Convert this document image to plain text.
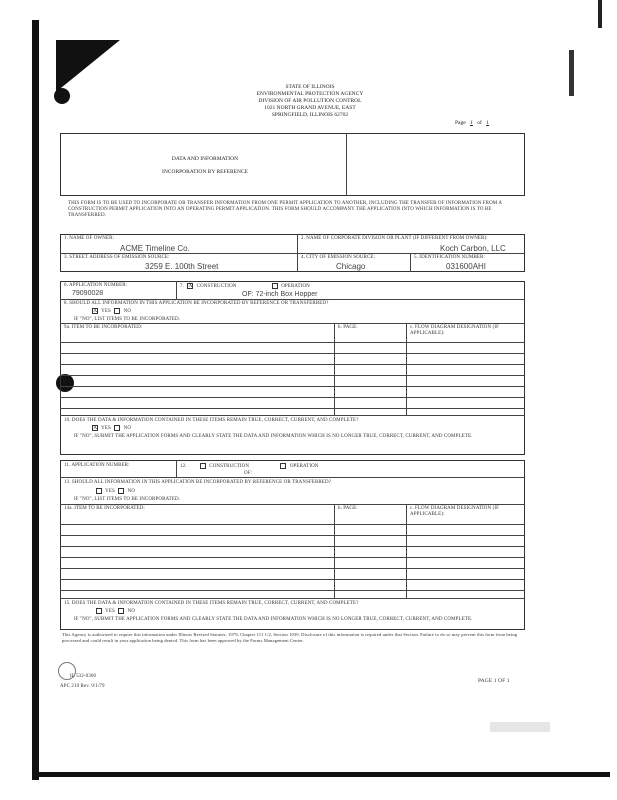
STATE OF ILLINOIS
ENVIRONMENTAL PROTECTION AGENCY
DIVISION OF AIR POLLUTION CONTROL
1021 NORTH GRAND AVENUE, EAST
SPRINGFIELD, ILLINOIS 62702
Page 1 of 1
DATA AND INFORMATION
INCORPORATION BY REFERENCE
THIS FORM IS TO BE USED TO INCORPORATE OR TRANSFER INFORMATION FROM ONE PERMIT APPLICATION TO ANOTHER, INCLUDING THE TRANSFER OF INFORMATION FROM A CONSTRUCTION PERMIT APPLICATION INTO AN OPERATING PERMIT APPLICATION. THIS FORM SHOULD ACCOMPANY THE APPLICATION INTO WHICH INFORMATION IS TO BE TRANSFERRED.
1. NAME OF OWNER:
ACME Timeline Co.
2. NAME OF CORPORATE DIVISION OR PLANT (IF DIFFERENT FROM OWNER):
Koch Carbon, LLC
3. STREET ADDRESS OF EMISSION SOURCE:
3259 E. 100th Street
4. CITY OF EMISSION SOURCE:
Chicago
5. IDENTIFICATION NUMBER:
031600AHI
6. APPLICATION NUMBER:
79090028
7. X CONSTRUCTION	OPERATION
OF: 72-inch Box Hopper
8. SHOULD ALL INFORMATION IN THIS APPLICATION BE INCORPORATED BY REFERENCE OR TRANSFERRED?
X YES	NO
IF "NO", LIST ITEMS TO BE INCORPORATED.
9a. ITEM TO BE INCORPORATED:	b. PAGE:	c. FLOW DIAGRAM DESIGNATION (IF APPLICABLE):
10. DOES THE DATA & INFORMATION CONTAINED IN THESE ITEMS REMAIN TRUE, CORRECT, CURRENT, AND COMPLETE?
X YES	NO
IF "NO", SUBMIT THE APPLICATION FORMS AND CLEARLY STATE THE DATA AND INFORMATION WHICH IS NO LONGER TRUE, CORRECT, CURRENT, AND COMPLETE.
11. APPLICATION NUMBER:	12.	CONSTRUCTION	OPERATION
OF:
13. SHOULD ALL INFORMATION IN THIS APPLICATION BE INCORPORATED BY REFERENCE OR TRANSFERRED?
YES	NO
IF "NO", LIST ITEMS TO BE INCORPORATED.
14a. ITEM TO BE INCORPORATED:	b. PAGE:	c. FLOW DIAGRAM DESIGNATION (IF APPLICABLE):
15. DOES THE DATA & INFORMATION CONTAINED IN THESE ITEMS REMAIN TRUE, CORRECT, CURRENT, AND COMPLETE?
YES	NO
IF "NO", SUBMIT THE APPLICATION FORMS AND CLEARLY STATE THE DATA AND INFORMATION WHICH IS NO LONGER TRUE, CORRECT, CURRENT, AND COMPLETE.
This Agency is authorized to require this information under Illinois Revised Statutes, 1979, Chapter 111 1/2, Section 1039. Disclosure of this information is required under that Section. Failure to do so may prevent this form from being processed and could result in your application being denied. This form has been approved by the Forms Management Center.
IL 532-0360
APC 210 Rev. 9/1/79
PAGE 1 OF 1
